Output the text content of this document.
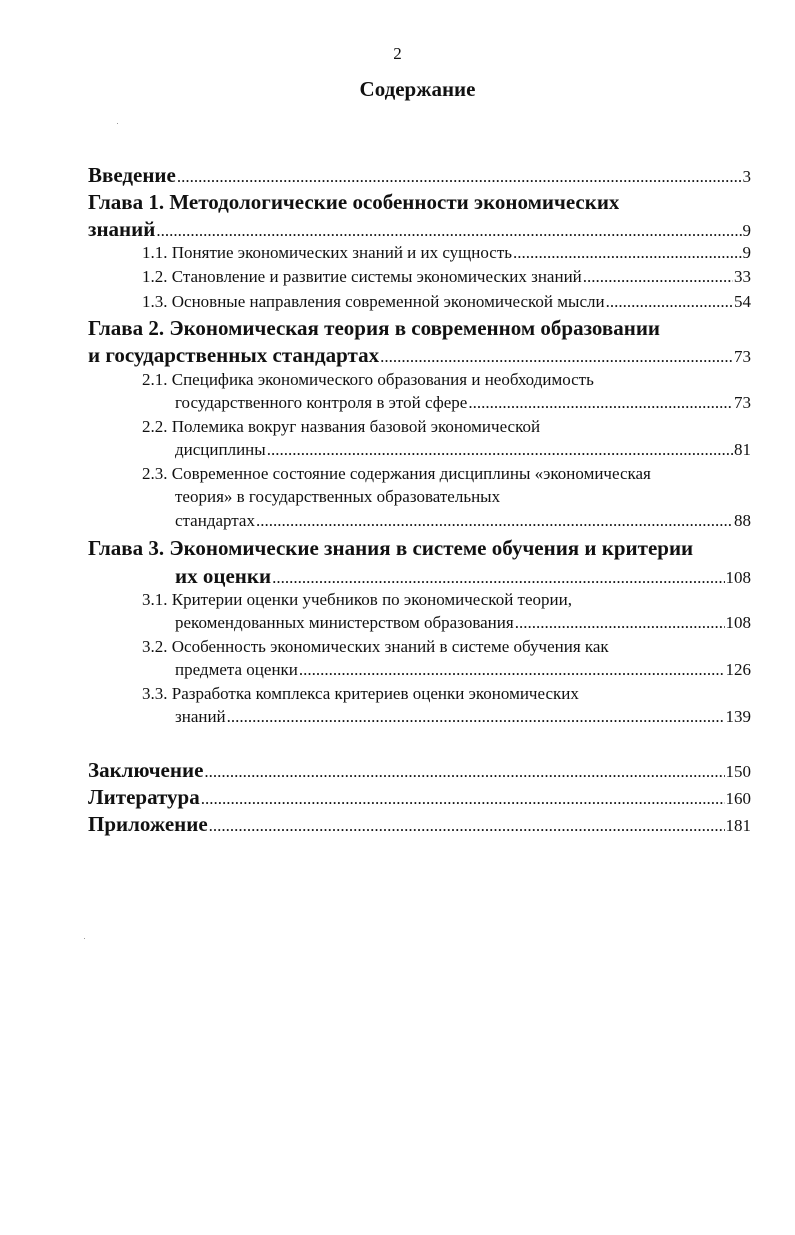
2
Содержание
Введение .....	3
Глава 1. Методологические особенности экономических
знаний .....	9
1.1. Понятие экономических знаний и их сущность .....	9
1.2. Становление и развитие системы экономических знаний .....	33
1.3. Основные направления современной экономической мысли .....	54
Глава 2. Экономическая теория в современном образовании
и государственных стандартах .....	73
2.1. Специфика экономического образования и необходимость
государственного контроля в этой сфере .....	73
2.2. Полемика вокруг названия базовой экономической
дисциплины .....	81
2.3. Современное состояние содержания дисциплины «экономическая
теория» в государственных образовательных
стандартах .....	88
Глава 3. Экономические знания в системе обучения и критерии
их оценки .....	108
3.1. Критерии оценки учебников по экономической теории,
рекомендованных министерством образования .....	108
3.2. Особенность экономических знаний в системе обучения как
предмета оценки .....	126
3.3. Разработка комплекса критериев оценки экономических
знаний .....	139
Заключение .....	150
Литература .....	160
Приложение .....	181
